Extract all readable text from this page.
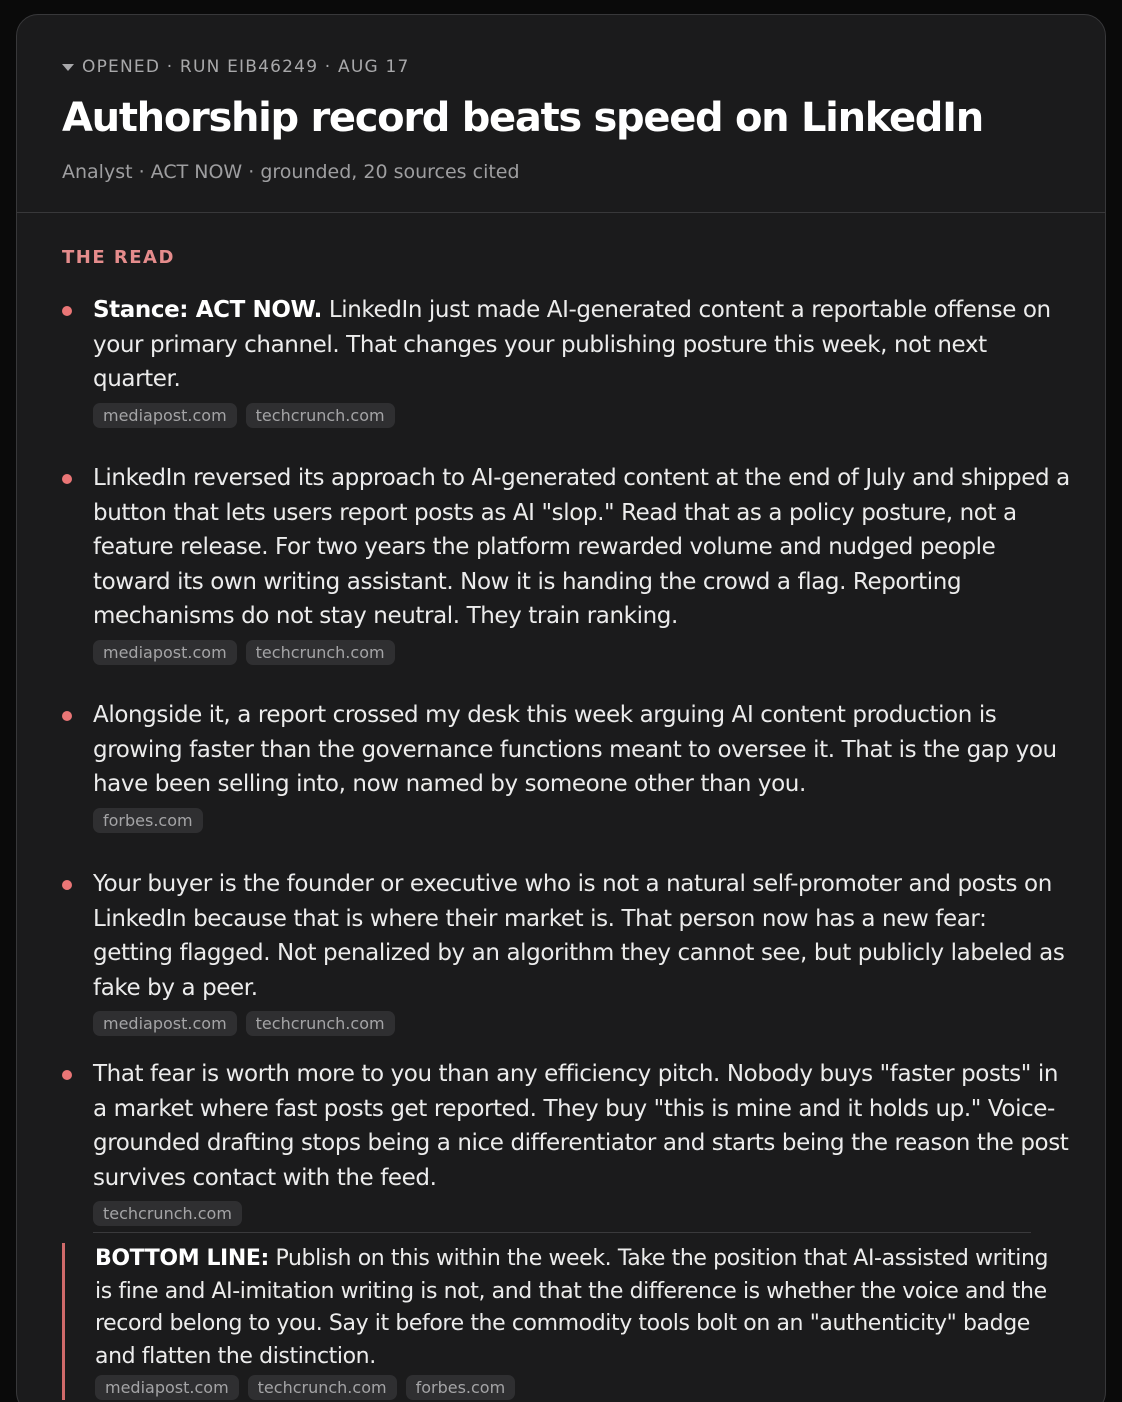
OPENED · RUN EIB46249 · AUG 17
Authorship record beats speed on LinkedIn
Analyst · ACT NOW · grounded, 20 sources cited
THE READ
Stance: ACT NOW. LinkedIn just made AI-generated content a reportable offense on your primary channel. That changes your publishing posture this week, not next quarter.
mediapost.com	techcrunch.com
LinkedIn reversed its approach to AI-generated content at the end of July and shipped a button that lets users report posts as AI "slop." Read that as a policy posture, not a feature release. For two years the platform rewarded volume and nudged people toward its own writing assistant. Now it is handing the crowd a flag. Reporting mechanisms do not stay neutral. They train ranking.
mediapost.com	techcrunch.com
Alongside it, a report crossed my desk this week arguing AI content production is growing faster than the governance functions meant to oversee it. That is the gap you have been selling into, now named by someone other than you.
forbes.com
Your buyer is the founder or executive who is not a natural self-promoter and posts on LinkedIn because that is where their market is. That person now has a new fear: getting flagged. Not penalized by an algorithm they cannot see, but publicly labeled as fake by a peer.
mediapost.com	techcrunch.com
That fear is worth more to you than any efficiency pitch. Nobody buys "faster posts" in a market where fast posts get reported. They buy "this is mine and it holds up." Voice-grounded drafting stops being a nice differentiator and starts being the reason the post survives contact with the feed.
techcrunch.com
BOTTOM LINE: Publish on this within the week. Take the position that AI-assisted writing is fine and AI-imitation writing is not, and that the difference is whether the voice and the record belong to you. Say it before the commodity tools bolt on an "authenticity" badge and flatten the distinction.
mediapost.com	techcrunch.com	forbes.com
